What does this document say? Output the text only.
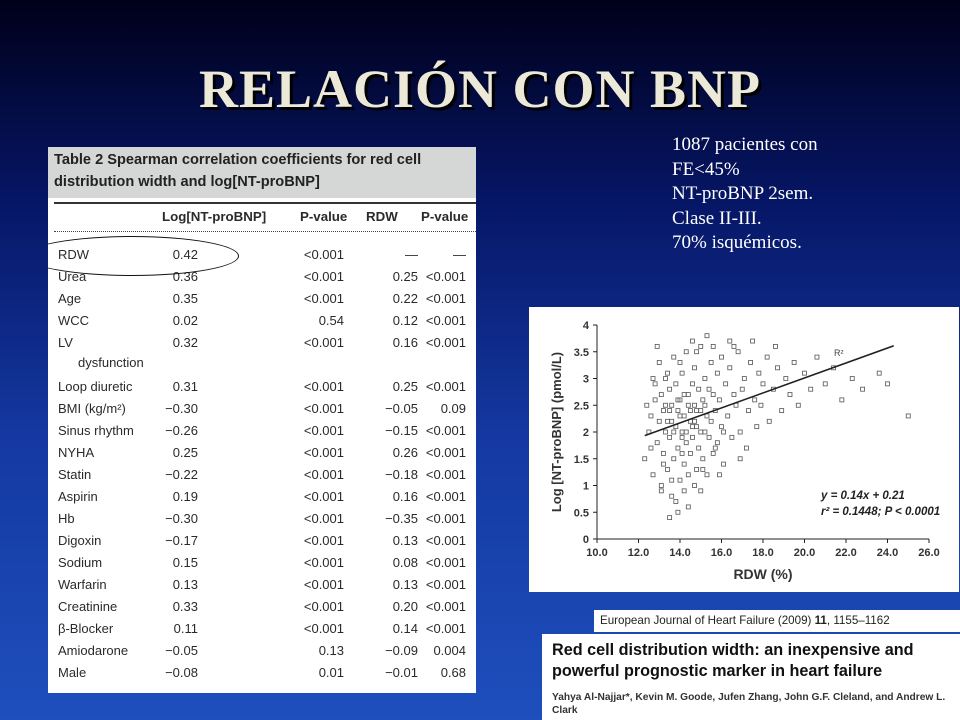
RELACIÓN CON BNP
1087 pacientes con
FE<45%
NT-proBNP 2sem.
Clase II-III.
70% isquémicos.
Table 2 Spearman correlation coefficients for red cell
distribution width and log[NT-proBNP]
Log[NT-proBNP]	P-value RDW P-value
RDW	0.42	<0.001	—	—
Urea	0.36	<0.001	0.25 <0.001
Age	0.35	<0.001	0.22 <0.001
WCC	0.02	0.54	0.12 <0.001
LV	0.32	<0.001	0.16 <0.001
dysfunction
Loop diuretic	0.31	<0.001	0.25 <0.001
BMI (kg/m²)	−0.30	<0.001	−0.05	0.09
Sinus rhythm −0.26	<0.001	−0.15 <0.001
NYHA	0.25	<0.001	0.26 <0.001
Statin	−0.22	<0.001	−0.18 <0.001
Aspirin	0.19	<0.001	0.16 <0.001
Hb	−0.30	<0.001	−0.35 <0.001
Digoxin	−0.17	<0.001	0.13 <0.001
Sodium	0.15	<0.001	0.08 <0.001
Warfarin	0.13	<0.001	0.13 <0.001
Creatinine	0.33	<0.001	0.20 <0.001
β-Blocker	0.11	<0.001	0.14 <0.001
Amiodarone	−0.05	0.13	−0.09	0.004
Male	−0.08	0.01	−0.01	0.68
10.0 12.0 14.0 16.0 18.0 20.0 22.0 24.0 26.0
0
0.5
1
1.5
2
2.5
3
3.5
4
RDW (%)
Log [NT-proBNP] (pmol/L)	R²
y = 0.14x + 0.21
r² = 0.1448; P < 0.0001
European Journal of Heart Failure (2009) 11, 1155–1162
Red cell distribution width: an inexpensive and powerful prognostic marker in heart failure
Yahya Al-Najjar*, Kevin M. Goode, Jufen Zhang, John G.F. Cleland, and Andrew L. Clark
